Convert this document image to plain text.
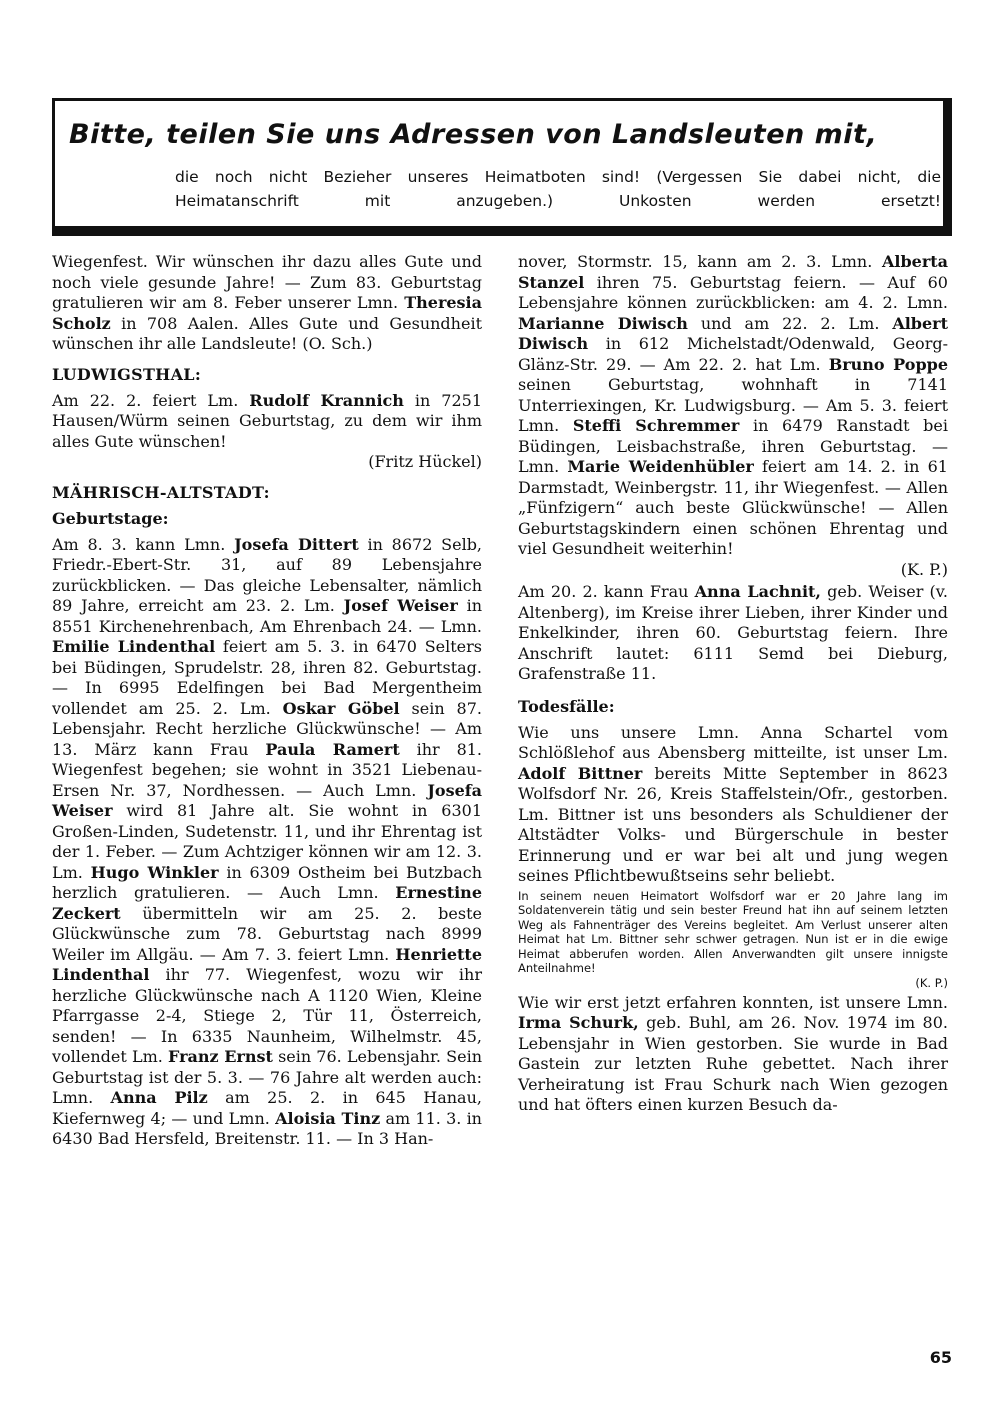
Bitte, teilen Sie uns Adressen von Landsleuten mit,

die noch nicht Bezieher unseres Heimatboten sind! (Vergessen Sie dabei nicht, die Heimatanschrift mit anzugeben.) Unkosten werden ersetzt!

Wiegenfest. Wir wünschen ihr dazu alles Gute und noch viele gesunde Jahre! — Zum 83. Geburtstag gratulieren wir am 8. Feber unserer Lmn. Theresia Scholz in 708 Aalen. Alles Gute und Gesundheit wünschen ihr alle Landsleute! (O. Sch.)

LUDWIGSTHAL:

Am 22. 2. feiert Lm. Rudolf Krannich in 7251 Hausen/Würm seinen Geburtstag, zu dem wir ihm alles Gute wünschen!
(Fritz Hückel)

MÄHRISCH-ALTSTADT:
Geburtstage:

Am 8. 3. kann Lmn. Josefa Dittert in 8672 Selb, Friedr.-Ebert-Str. 31, auf 89 Lebensjahre zurückblicken. — Das gleiche Lebensalter, nämlich 89 Jahre, erreicht am 23. 2. Lm. Josef Weiser in 8551 Kirchenehrenbach, Am Ehrenbach 24. — Lmn. Emilie Lindenthal feiert am 5. 3. in 6470 Selters bei Büdingen, Sprudelstr. 28, ihren 82. Geburtstag. — In 6995 Edelfingen bei Bad Mergentheim vollendet am 25. 2. Lm. Oskar Göbel sein 87. Lebensjahr. Recht herzliche Glückwünsche! — Am 13. März kann Frau Paula Ramert ihr 81. Wiegenfest begehen; sie wohnt in 3521 Liebenau-Ersen Nr. 37, Nordhessen. — Auch Lmn. Josefa Weiser wird 81 Jahre alt. Sie wohnt in 6301 Großen-Linden, Sudetenstr. 11, und ihr Ehrentag ist der 1. Feber. — Zum Achtziger können wir am 12. 3. Lm. Hugo Winkler in 6309 Ostheim bei Butzbach herzlich gratulieren. — Auch Lmn. Ernestine Zeckert übermitteln wir am 25. 2. beste Glückwünsche zum 78. Geburtstag nach 8999 Weiler im Allgäu. — Am 7. 3. feiert Lmn. Henriette Lindenthal ihr 77. Wiegenfest, wozu wir ihr herzliche Glückwünsche nach A 1120 Wien, Kleine Pfarrgasse 2-4, Stiege 2, Tür 11, Österreich, senden! — In 6335 Naunheim, Wilhelmstr. 45, vollendet Lm. Franz Ernst sein 76. Lebensjahr. Sein Geburtstag ist der 5. 3. — 76 Jahre alt werden auch: Lmn. Anna Pilz am 25. 2. in 645 Hanau, Kiefernweg 4; — und Lmn. Aloisia Tinz am 11. 3. in 6430 Bad Hersfeld, Breitenstr. 11. — In 3 Han-

nover, Stormstr. 15, kann am 2. 3. Lmn. Alberta Stanzel ihren 75. Geburtstag feiern. — Auf 60 Lebensjahre können zurückblicken: am 4. 2. Lmn. Marianne Diwisch und am 22. 2. Lm. Albert Diwisch in 612 Michelstadt/Odenwald, Georg-Glänz-Str. 29. — Am 22. 2. hat Lm. Bruno Poppe seinen Geburtstag, wohnhaft in 7141 Unterriexingen, Kr. Ludwigsburg. — Am 5. 3. feiert Lmn. Steffi Schremmer in 6479 Ranstadt bei Büdingen, Leisbachstraße, ihren Geburtstag. — Lmn. Marie Weidenhübler feiert am 14. 2. in 61 Darmstadt, Weinbergstr. 11, ihr Wiegenfest. — Allen „Fünfzigern“ auch beste Glückwünsche! — Allen Geburtstagskindern einen schönen Ehrentag und viel Gesundheit weiterhin!
(K. P.)

Am 20. 2. kann Frau Anna Lachnit, geb. Weiser (v. Altenberg), im Kreise ihrer Lieben, ihrer Kinder und Enkelkinder, ihren 60. Geburtstag feiern. Ihre Anschrift lautet: 6111 Semd bei Dieburg, Grafenstraße 11.

Todesfälle:

Wie uns unsere Lmn. Anna Schartel vom Schlößlehof aus Abensberg mitteilte, ist unser Lm. Adolf Bittner bereits Mitte September in 8623 Wolfsdorf Nr. 26, Kreis Staffelstein/Ofr., gestorben. Lm. Bittner ist uns besonders als Schuldiener der Altstädter Volks- und Bürgerschule in bester Erinnerung und er war bei alt und jung wegen seines Pflichtbewußtseins sehr beliebt.

In seinem neuen Heimatort Wolfsdorf war er 20 Jahre lang im Soldatenverein tätig und sein bester Freund hat ihn auf seinem letzten Weg als Fahnenträger des Vereins begleitet. Am Verlust unserer alten Heimat hat Lm. Bittner sehr schwer getragen. Nun ist er in die ewige Heimat abberufen worden. Allen Anverwandten gilt unsere innigste Anteilnahme!
(K. P.)

Wie wir erst jetzt erfahren konnten, ist unsere Lmn. Irma Schurk, geb. Buhl, am 26. Nov. 1974 im 80. Lebensjahr in Wien gestorben. Sie wurde in Bad Gastein zur letzten Ruhe gebettet. Nach ihrer Verheiratung ist Frau Schurk nach Wien gezogen und hat öfters einen kurzen Besuch da-

65
